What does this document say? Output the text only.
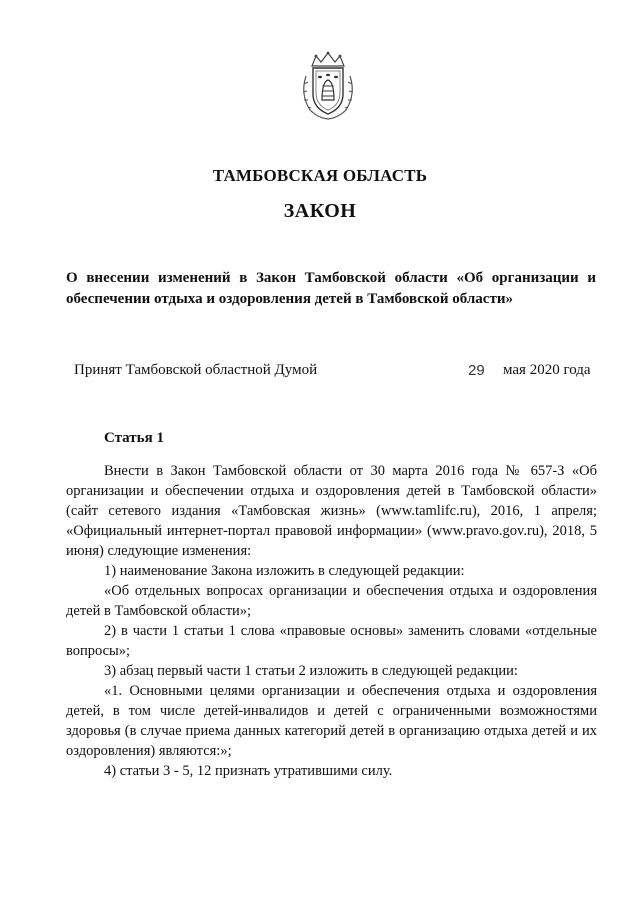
ТАМБОВСКАЯ ОБЛАСТЬ
ЗАКОН
О внесении изменений в Закон Тамбовской области «Об организации и обеспечении отдыха и оздоровления детей в Тамбовской области»
Принят Тамбовской областной Думой	29 мая 2020 года
Статья 1

Внести в Закон Тамбовской области от 30 марта 2016 года № 657-З «Об организации и обеспечении отдыха и оздоровления детей в Тамбовской области» (сайт сетевого издания «Тамбовская жизнь» (www.tamlifc.ru), 2016, 1 апреля; «Официальный интернет-портал правовой информации» (www.pravo.gov.ru), 2018, 5 июня) следующие изменения:

1) наименование Закона изложить в следующей редакции:

«Об отдельных вопросах организации и обеспечения отдыха и оздоровления детей в Тамбовской области»;

2) в части 1 статьи 1 слова «правовые основы» заменить словами «отдельные вопросы»;

3) абзац первый части 1 статьи 2 изложить в следующей редакции:

«1. Основными целями организации и обеспечения отдыха и оздоровления детей, в том числе детей-инвалидов и детей с ограниченными возможностями здоровья (в случае приема данных категорий детей в организацию отдыха детей и их оздоровления) являются:»;

4) статьи 3 - 5, 12 признать утратившими силу.
